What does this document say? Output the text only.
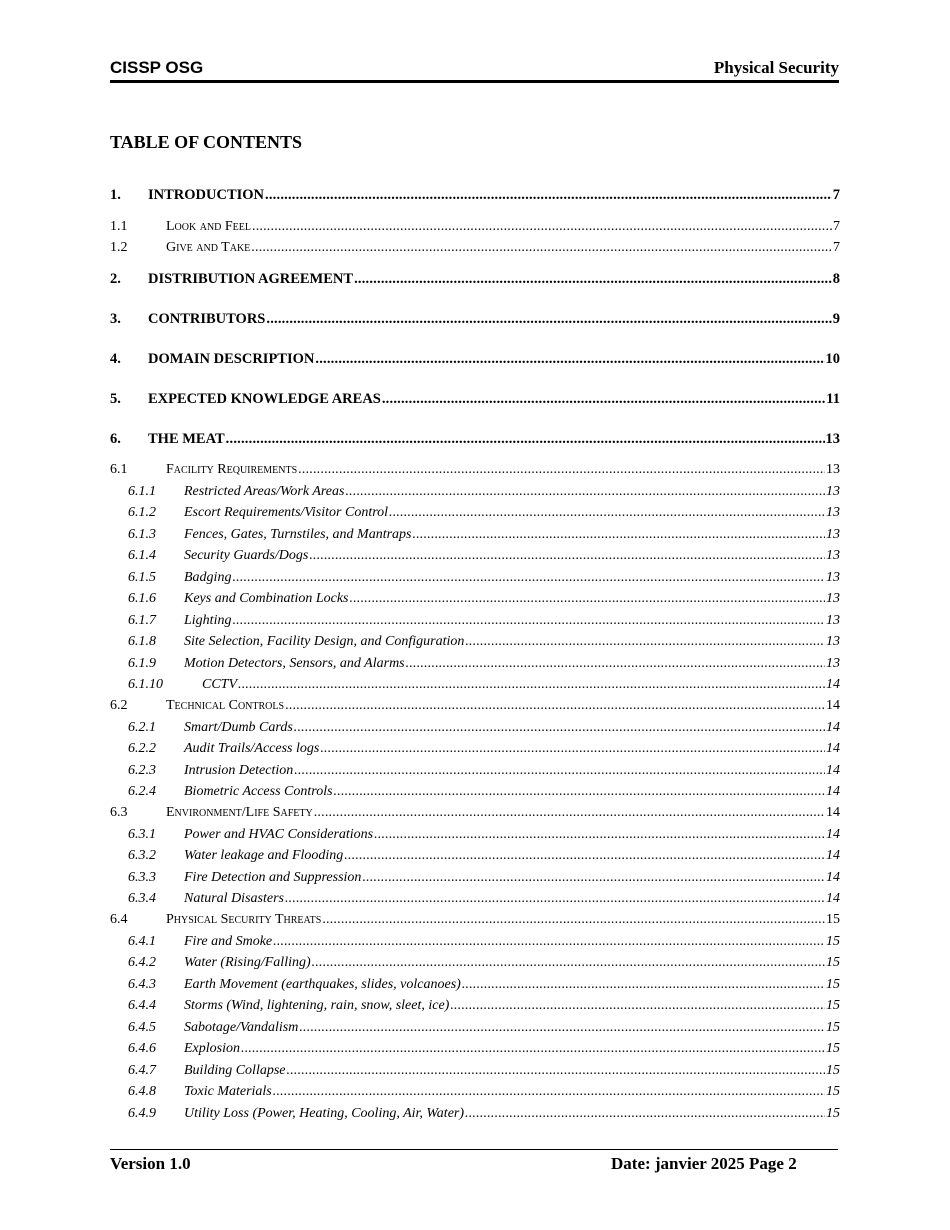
CISSP OSG	Physical Security
TABLE OF CONTENTS
1.	INTRODUCTION .....	7
1.1	Look and Feel .....	7
1.2	Give and Take .....	7
2.	DISTRIBUTION AGREEMENT .....	8
3.	CONTRIBUTORS .....	9
4.	DOMAIN DESCRIPTION .....	10
5.	EXPECTED KNOWLEDGE AREAS .....	11
6.	THE MEAT .....	13
6.1	Facility Requirements .....	13
6.1.1	Restricted Areas/Work Areas .....	13
6.1.2	Escort Requirements/Visitor Control .....	13
6.1.3	Fences, Gates, Turnstiles, and Mantraps .....	13
6.1.4	Security Guards/Dogs .....	13
6.1.5	Badging .....	13
6.1.6	Keys and Combination Locks .....	13
6.1.7	Lighting .....	13
6.1.8	Site Selection, Facility Design, and Configuration .....	13
6.1.9	Motion Detectors, Sensors, and Alarms .....	13
6.1.10	CCTV .....	14
6.2	Technical Controls .....	14
6.2.1	Smart/Dumb Cards .....	14
6.2.2	Audit Trails/Access logs .....	14
6.2.3	Intrusion Detection .....	14
6.2.4	Biometric Access Controls .....	14
6.3	Environment/Life Safety .....	14
6.3.1	Power and HVAC Considerations .....	14
6.3.2	Water leakage and Flooding .....	14
6.3.3	Fire Detection and Suppression .....	14
6.3.4	Natural Disasters .....	14
6.4	Physical Security Threats .....	15
6.4.1	Fire and Smoke .....	15
6.4.2	Water (Rising/Falling) .....	15
6.4.3	Earth Movement (earthquakes, slides, volcanoes) .....	15
6.4.4	Storms (Wind, lightening, rain, snow, sleet, ice) .....	15
6.4.5	Sabotage/Vandalism .....	15
6.4.6	Explosion .....	15
6.4.7	Building Collapse .....	15
6.4.8	Toxic Materials .....	15
6.4.9	Utility Loss (Power, Heating, Cooling, Air, Water) .....	15
Version 1.0	Date: janvier 2025 Page 2
